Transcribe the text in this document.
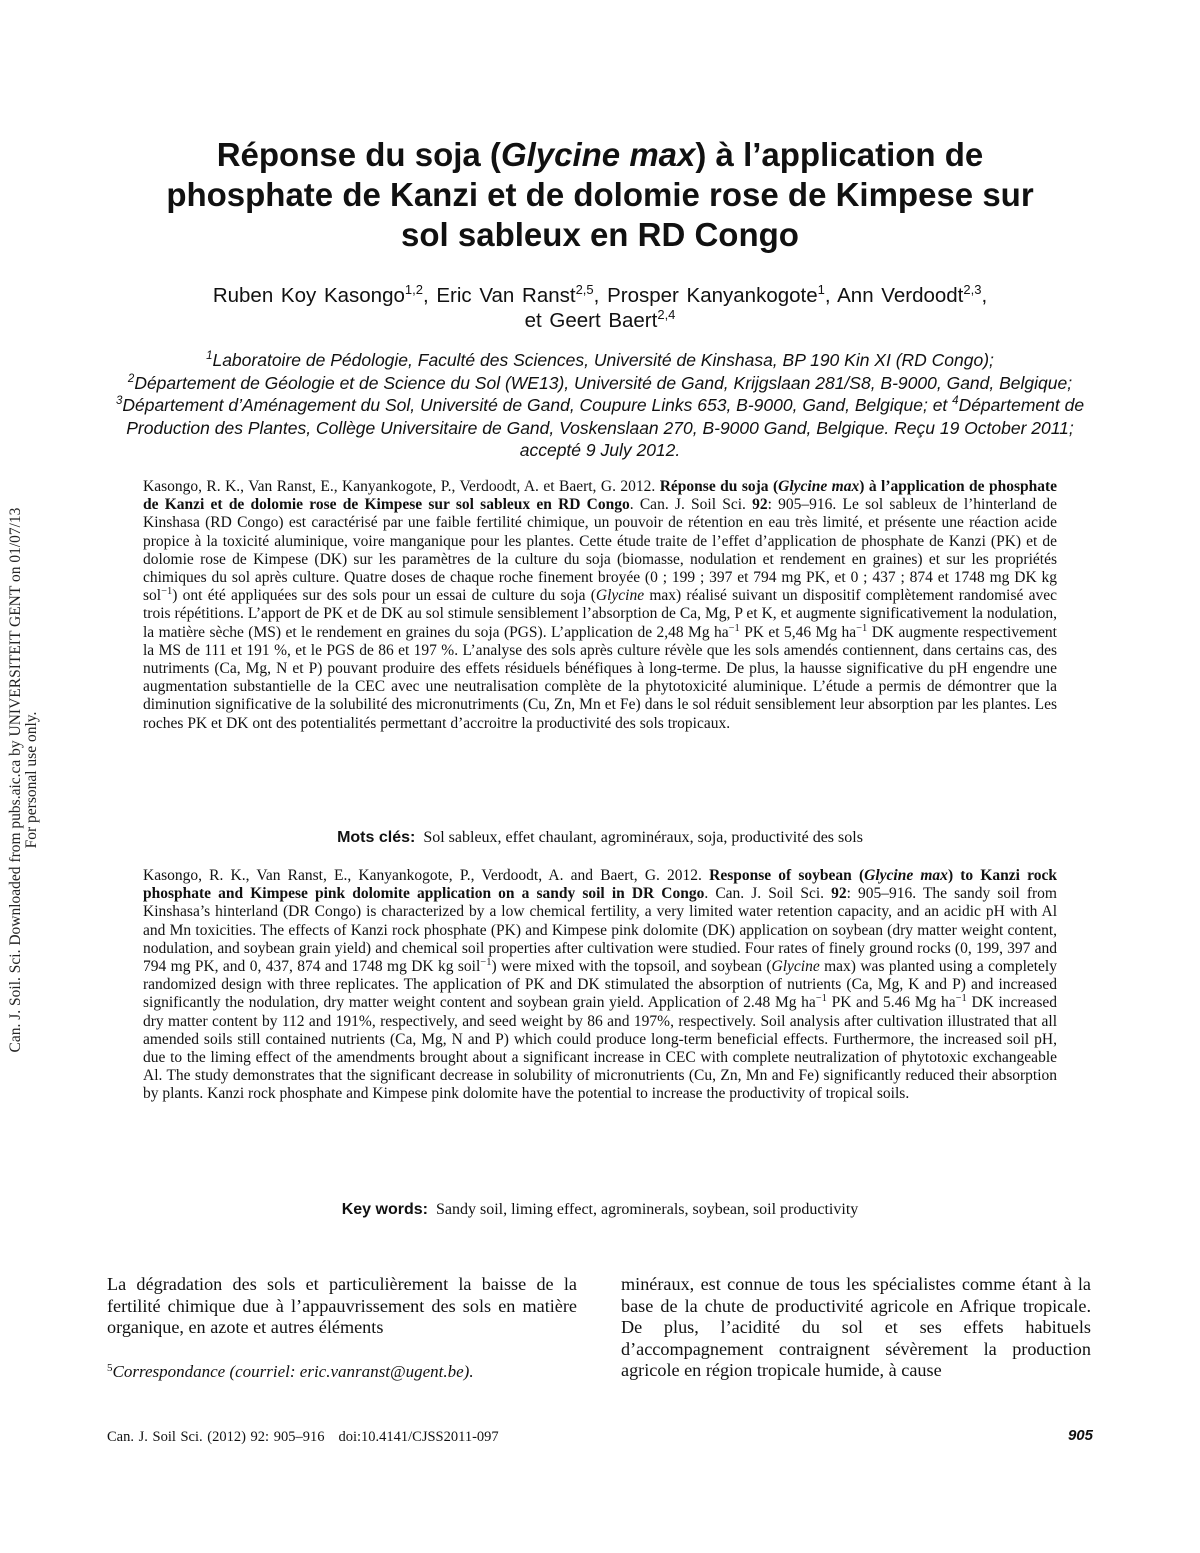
Can. J. Soil. Sci. Downloaded from pubs.aic.ca by UNIVERSITEIT GENT on 01/07/13 For personal use only.
Réponse du soja (Glycine max) à l’application de phosphate de Kanzi et de dolomie rose de Kimpese sur sol sableux en RD Congo
Ruben Koy Kasongo$^{1,2}$, Eric Van Ranst$^{2,5}$, Prosper Kanyankogote$^1$, Ann Verdoodt$^{2,3}$,
et Geert Baert$^{2,4}$
$^1$Laboratoire de Pédologie, Faculté des Sciences, Université de Kinshasa, BP 190 Kin XI (RD Congo);
$^2$Département de Géologie et de Science du Sol (WE13), Université de Gand, Krijgslaan 281/S8, B-9000, Gand, Belgique; $^3$Département d’Aménagement du Sol, Université de Gand, Coupure Links 653, B-9000, Gand, Belgique; et $^4$Département de Production des Plantes, Collège Universitaire de Gand, Voskenslaan 270, B-9000 Gand, Belgique. Reçu 19 October 2011; accepté 9 July 2012.
Kasongo, R. K., Van Ranst, E., Kanyankogote, P., Verdoodt, A. et Baert, G. 2012. Réponse du soja (Glycine max) à l’application de phosphate de Kanzi et de dolomie rose de Kimpese sur sol sableux en RD Congo. Can. J. Soil Sci. 92: 905–916. Le sol sableux de l’hinterland de Kinshasa (RD Congo) est caractérisé par une faible fertilité chimique, un pouvoir de rétention en eau très limité, et présente une réaction acide propice à la toxicité aluminique, voire manganique pour les plantes. Cette étude traite de l’effet d’application de phosphate de Kanzi (PK) et de dolomie rose de Kimpese (DK) sur les paramètres de la culture du soja (biomasse, nodulation et rendement en graines) et sur les propriétés chimiques du sol après culture. Quatre doses de chaque roche finement broyée (0 ; 199 ; 397 et 794 mg PK, et 0 ; 437 ; 874 et 1748 mg DK kg sol$^{-1}$) ont été appliquées sur des sols pour un essai de culture du soja (Glycine max) réalisé suivant un dispositif complètement randomisé avec trois répétitions. L’apport de PK et de DK au sol stimule sensiblement l’absorption de Ca, Mg, P et K, et augmente significativement la nodulation, la matière sèche (MS) et le rendement en graines du soja (PGS). L’application de 2,48 Mg $ha^{-1}$ PK et 5,46 Mg $ha^{-1}$ DK augmente respectivement la MS de 111 et 191 %, et le PGS de 86 et 197 %. L’analyse des sols après culture révèle que les sols amendés contiennent, dans certains cas, des nutriments (Ca, Mg, N et P) pouvant produire des effets résiduels bénéfiques à long-terme. De plus, la hausse significative du pH engendre une augmentation substantielle de la CEC avec une neutralisation complète de la phytotoxicité aluminique. L’étude a permis de démontrer que la diminution significative de la solubilité des micronutriments (Cu, Zn, Mn et Fe) dans le sol réduit sensiblement leur absorption par les plantes. Les roches PK et DK ont des potentialités permettant d’accroitre la productivité des sols tropicaux.
Mots clés: Sol sableux, effet chaulant, agrominéraux, soja, productivité des sols
Kasongo, R. K., Van Ranst, E., Kanyankogote, P., Verdoodt, A. and Baert, G. 2012. Response of soybean (Glycine max) to Kanzi rock phosphate and Kimpese pink dolomite application on a sandy soil in DR Congo. Can. J. Soil Sci. 92: 905–916. The sandy soil from Kinshasa’s hinterland (DR Congo) is characterized by a low chemical fertility, a very limited water retention capacity, and an acidic pH with Al and Mn toxicities. The effects of Kanzi rock phosphate (PK) and Kimpese pink dolomite (DK) application on soybean (dry matter weight content, nodulation, and soybean grain yield) and chemical soil properties after cultivation were studied. Four rates of finely ground rocks (0, 199, 397 and 794 mg PK, and 0, 437, 874 and 1748 mg DK kg soil$^{-1}$) were mixed with the topsoil, and soybean (Glycine max) was planted using a completely randomized design with three replicates. The application of PK and DK stimulated the absorption of nutrients (Ca, Mg, K and P) and increased significantly the nodulation, dry matter weight content and soybean grain yield. Application of 2.48 Mg $ha^{-1}$ PK and 5.46 Mg $ha^{-1}$ DK increased dry matter content by 112 and 191%, respectively, and seed weight by 86 and 197%, respectively. Soil analysis after cultivation illustrated that all amended soils still contained nutrients (Ca, Mg, N and P) which could produce long-term beneficial effects. Furthermore, the increased soil pH, due to the liming effect of the amendments brought about a significant increase in CEC with complete neutralization of phytotoxic exchangeable Al. The study demonstrates that the significant decrease in solubility of micronutrients (Cu, Zn, Mn and Fe) significantly reduced their absorption by plants. Kanzi rock phosphate and Kimpese pink dolomite have the potential to increase the productivity of tropical soils.
Key words: Sandy soil, liming effect, agrominerals, soybean, soil productivity
La dégradation des sols et particulièrement la baisse de la fertilité chimique due à l’appauvrissement des sols en matière organique, en azote et autres éléments
minéraux, est connue de tous les spécialistes comme étant à la base de la chute de productivité agricole en Afrique tropicale. De plus, l’acidité du sol et ses effets habituels d’accompagnement contraignent sévèrement la production agricole en région tropicale humide, à cause
$^5$Correspondance (courriel: eric.vanranst@ugent.be).
Can. J. Soil Sci. (2012) 92: 905–916 doi:10.4141/CJSS2011-097	905
